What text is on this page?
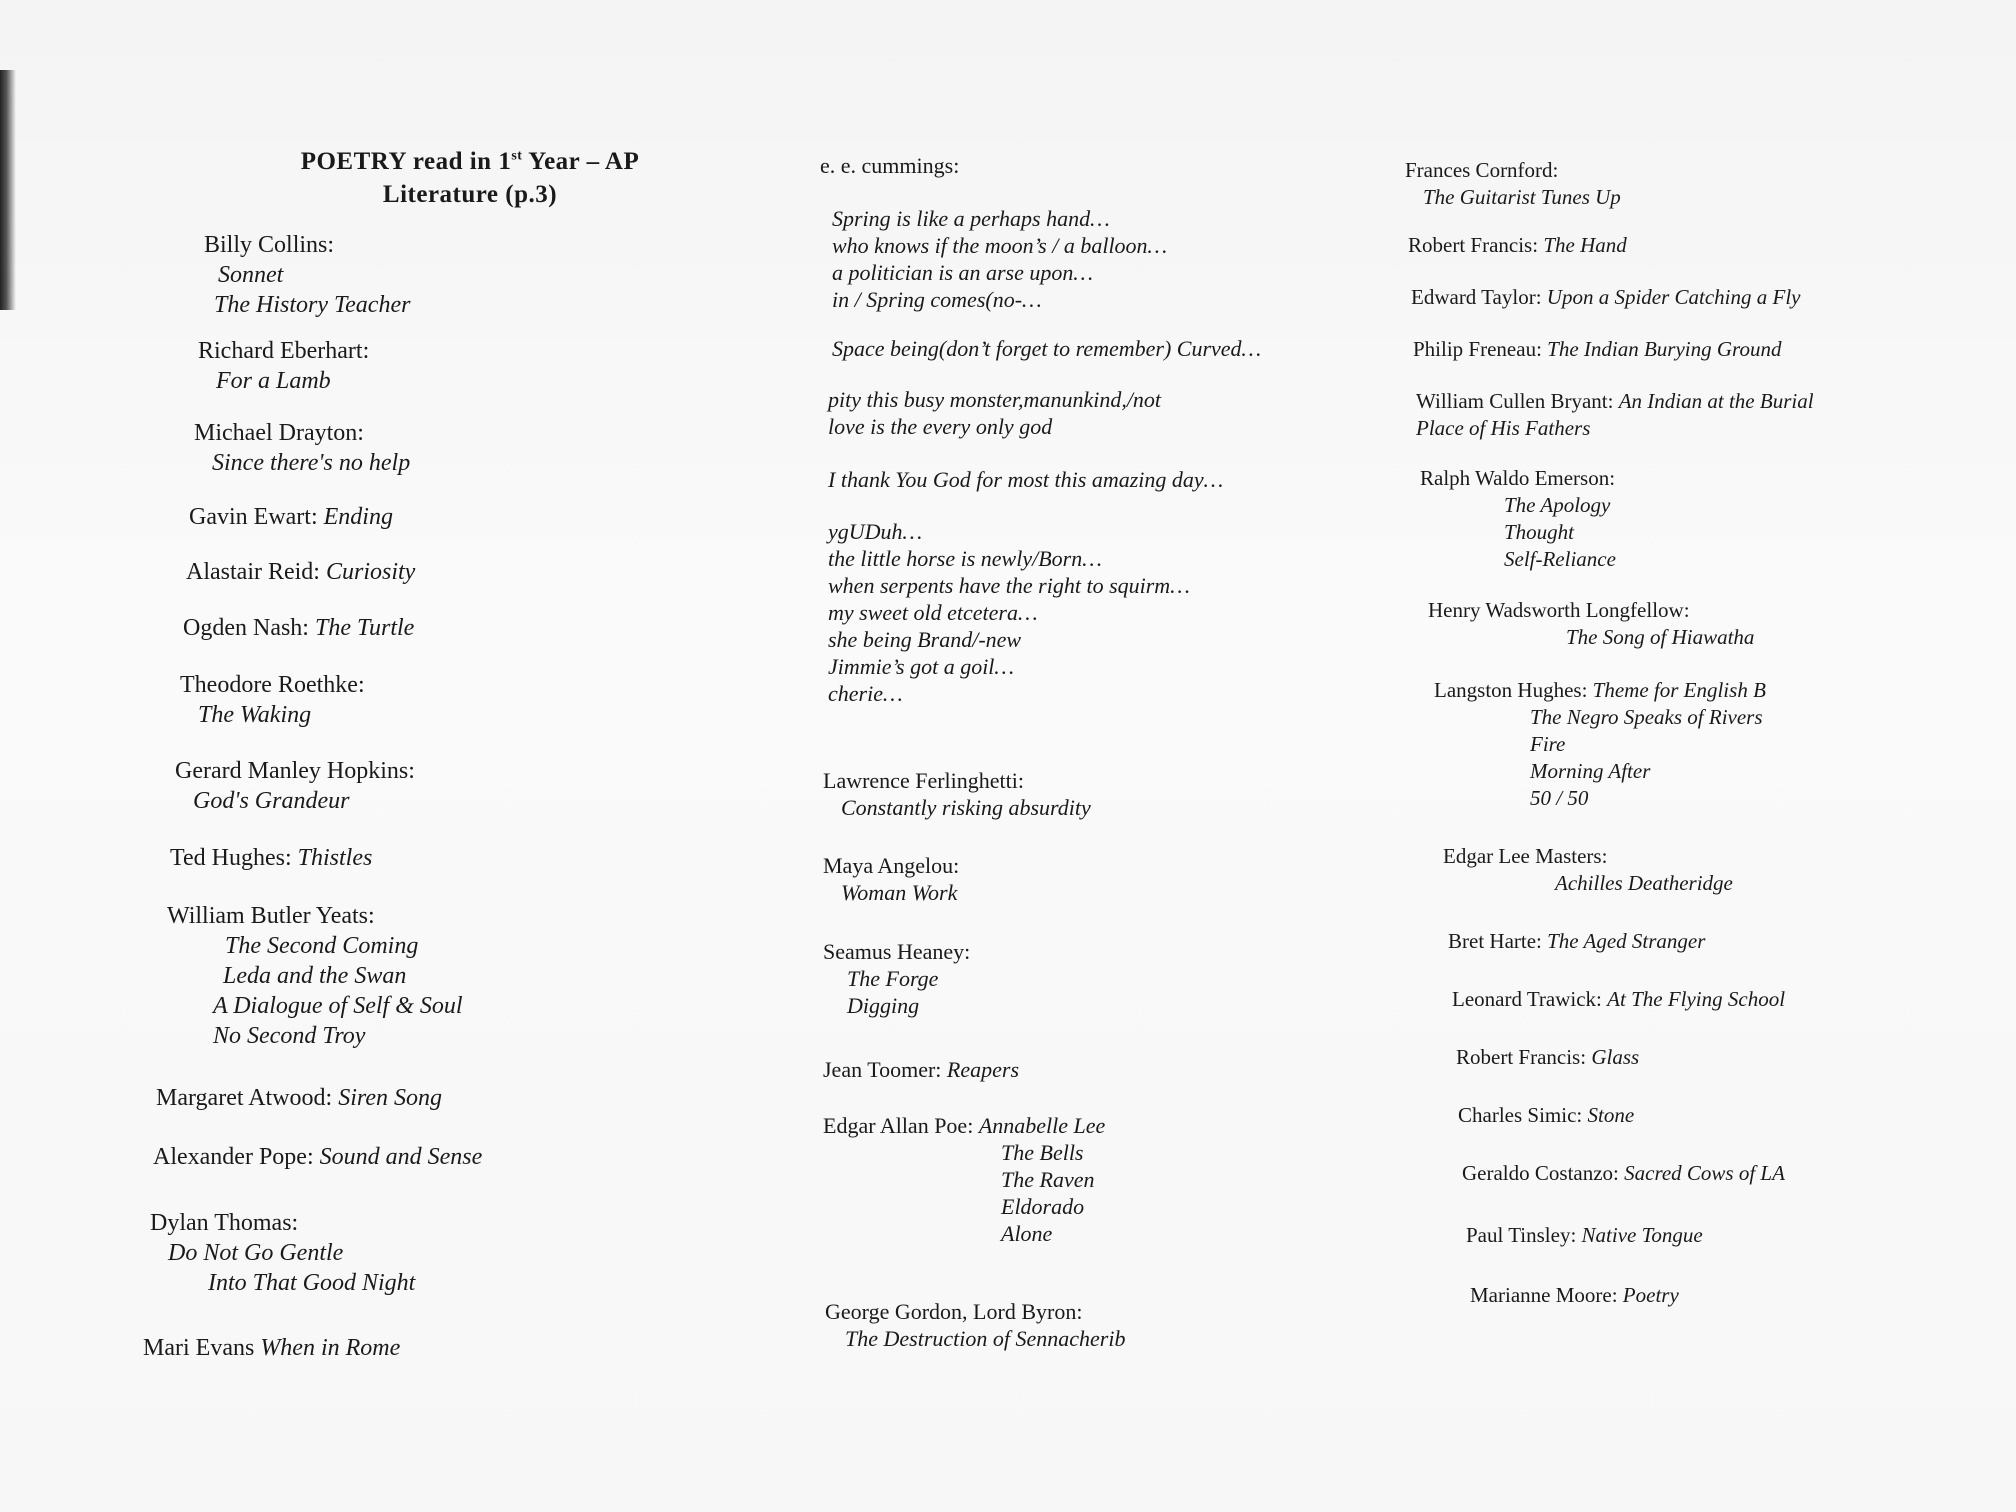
POETRY read in 1st Year – AP
Literature (p.3)
Billy Collins:
Sonnet
The History Teacher
Richard Eberhart:
For a Lamb
Michael Drayton:
Since there's no help
Gavin Ewart: Ending
Alastair Reid: Curiosity
Ogden Nash: The Turtle
Theodore Roethke:
The Waking
Gerard Manley Hopkins:
God's Grandeur
Ted Hughes: Thistles
William Butler Yeats:
The Second Coming
Leda and the Swan
A Dialogue of Self & Soul
No Second Troy
Margaret Atwood: Siren Song
Alexander Pope: Sound and Sense
Dylan Thomas:
Do Not Go Gentle
Into That Good Night
Mari Evans When in Rome
e. e. cummings:
Spring is like a perhaps hand…
who knows if the moon’s / a balloon…
a politician is an arse upon…
in / Spring comes(no-…
Space being(don’t forget to remember) Curved…
pity this busy monster,manunkind,/not
love is the every only god
I thank You God for most this amazing day…
ygUDuh…
the little horse is newly/Born…
when serpents have the right to squirm…
my sweet old etcetera…
she being Brand/-new
Jimmie’s got a goil…
cherie…
Lawrence Ferlinghetti:
Constantly risking absurdity
Maya Angelou:
Woman Work
Seamus Heaney:
The Forge
Digging
Jean Toomer: Reapers
Edgar Allan Poe: Annabelle Lee
The Bells
The Raven
Eldorado
Alone
George Gordon, Lord Byron:
The Destruction of Sennacherib
Frances Cornford:
The Guitarist Tunes Up
Robert Francis: The Hand
Edward Taylor: Upon a Spider Catching a Fly
Philip Freneau: The Indian Burying Ground
William Cullen Bryant: An Indian at the Burial
Place of His Fathers
Ralph Waldo Emerson:
The Apology
Thought
Self-Reliance
Henry Wadsworth Longfellow:
The Song of Hiawatha
Langston Hughes: Theme for English B
The Negro Speaks of Rivers
Fire
Morning After
50 / 50
Edgar Lee Masters:
Achilles Deatheridge
Bret Harte: The Aged Stranger
Leonard Trawick: At The Flying School
Robert Francis: Glass
Charles Simic: Stone
Geraldo Costanzo: Sacred Cows of LA
Paul Tinsley: Native Tongue
Marianne Moore: Poetry
